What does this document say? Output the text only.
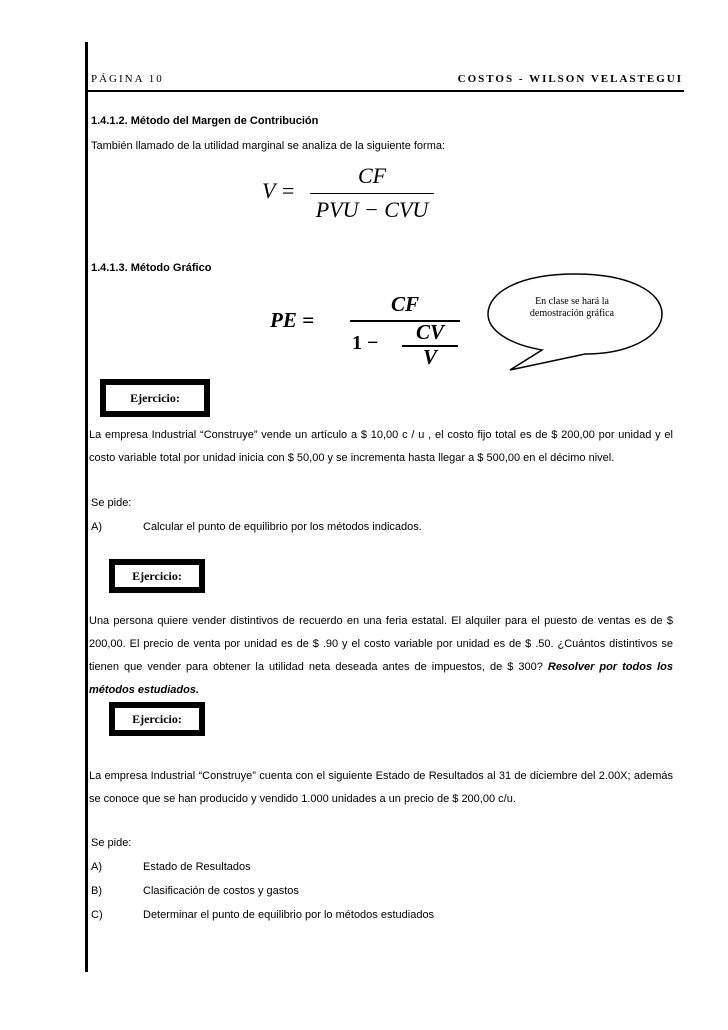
PÁGINA 10	COSTOS - WILSON VELASTEGUI
1.4.1.2. Método del Margen de Contribución
También llamado de la utilidad marginal se analiza de la siguiente forma:
V =
CF
PVU − CVU
1.4.1.3. Método Gráfico
PE =
CF
1 −	CV
V
En clase se hará la demostración gráfica
Ejercicio:
La empresa Industrial “Construye” vende un artículo a $ 10,00 c / u , el costo fijo total es de $ 200,00 por unidad y el costo variable total por unidad inicia con $ 50,00 y se incrementa hasta llegar a $ 500,00 en el décimo nivel.
Se pide:
A)	Calcular el punto de equilibrio por los métodos indicados.
Ejercicio:
Una persona quiere vender distintivos de recuerdo en una feria estatal. El alquiler para el puesto de ventas es de $ 200,00. El precio de venta por unidad es de $ .90 y el costo variable por unidad es de $ .50. ¿Cuántos distintivos se tienen que vender para obtener la utilidad neta deseada antes de impuestos, de $ 300? Resolver por todos los métodos estudiados.
Ejercicio:
La empresa Industrial “Construye” cuenta con el siguiente Estado de Resultados al 31 de diciembre del 2.00X; además se conoce que se han producido y vendido 1.000 unidades a un precio de $ 200,00 c/u.
Se pide:
A)	Estado de Resultados
B)	Clasificación de costos y gastos
C)	Determinar el punto de equilibrio por lo métodos estudiados
